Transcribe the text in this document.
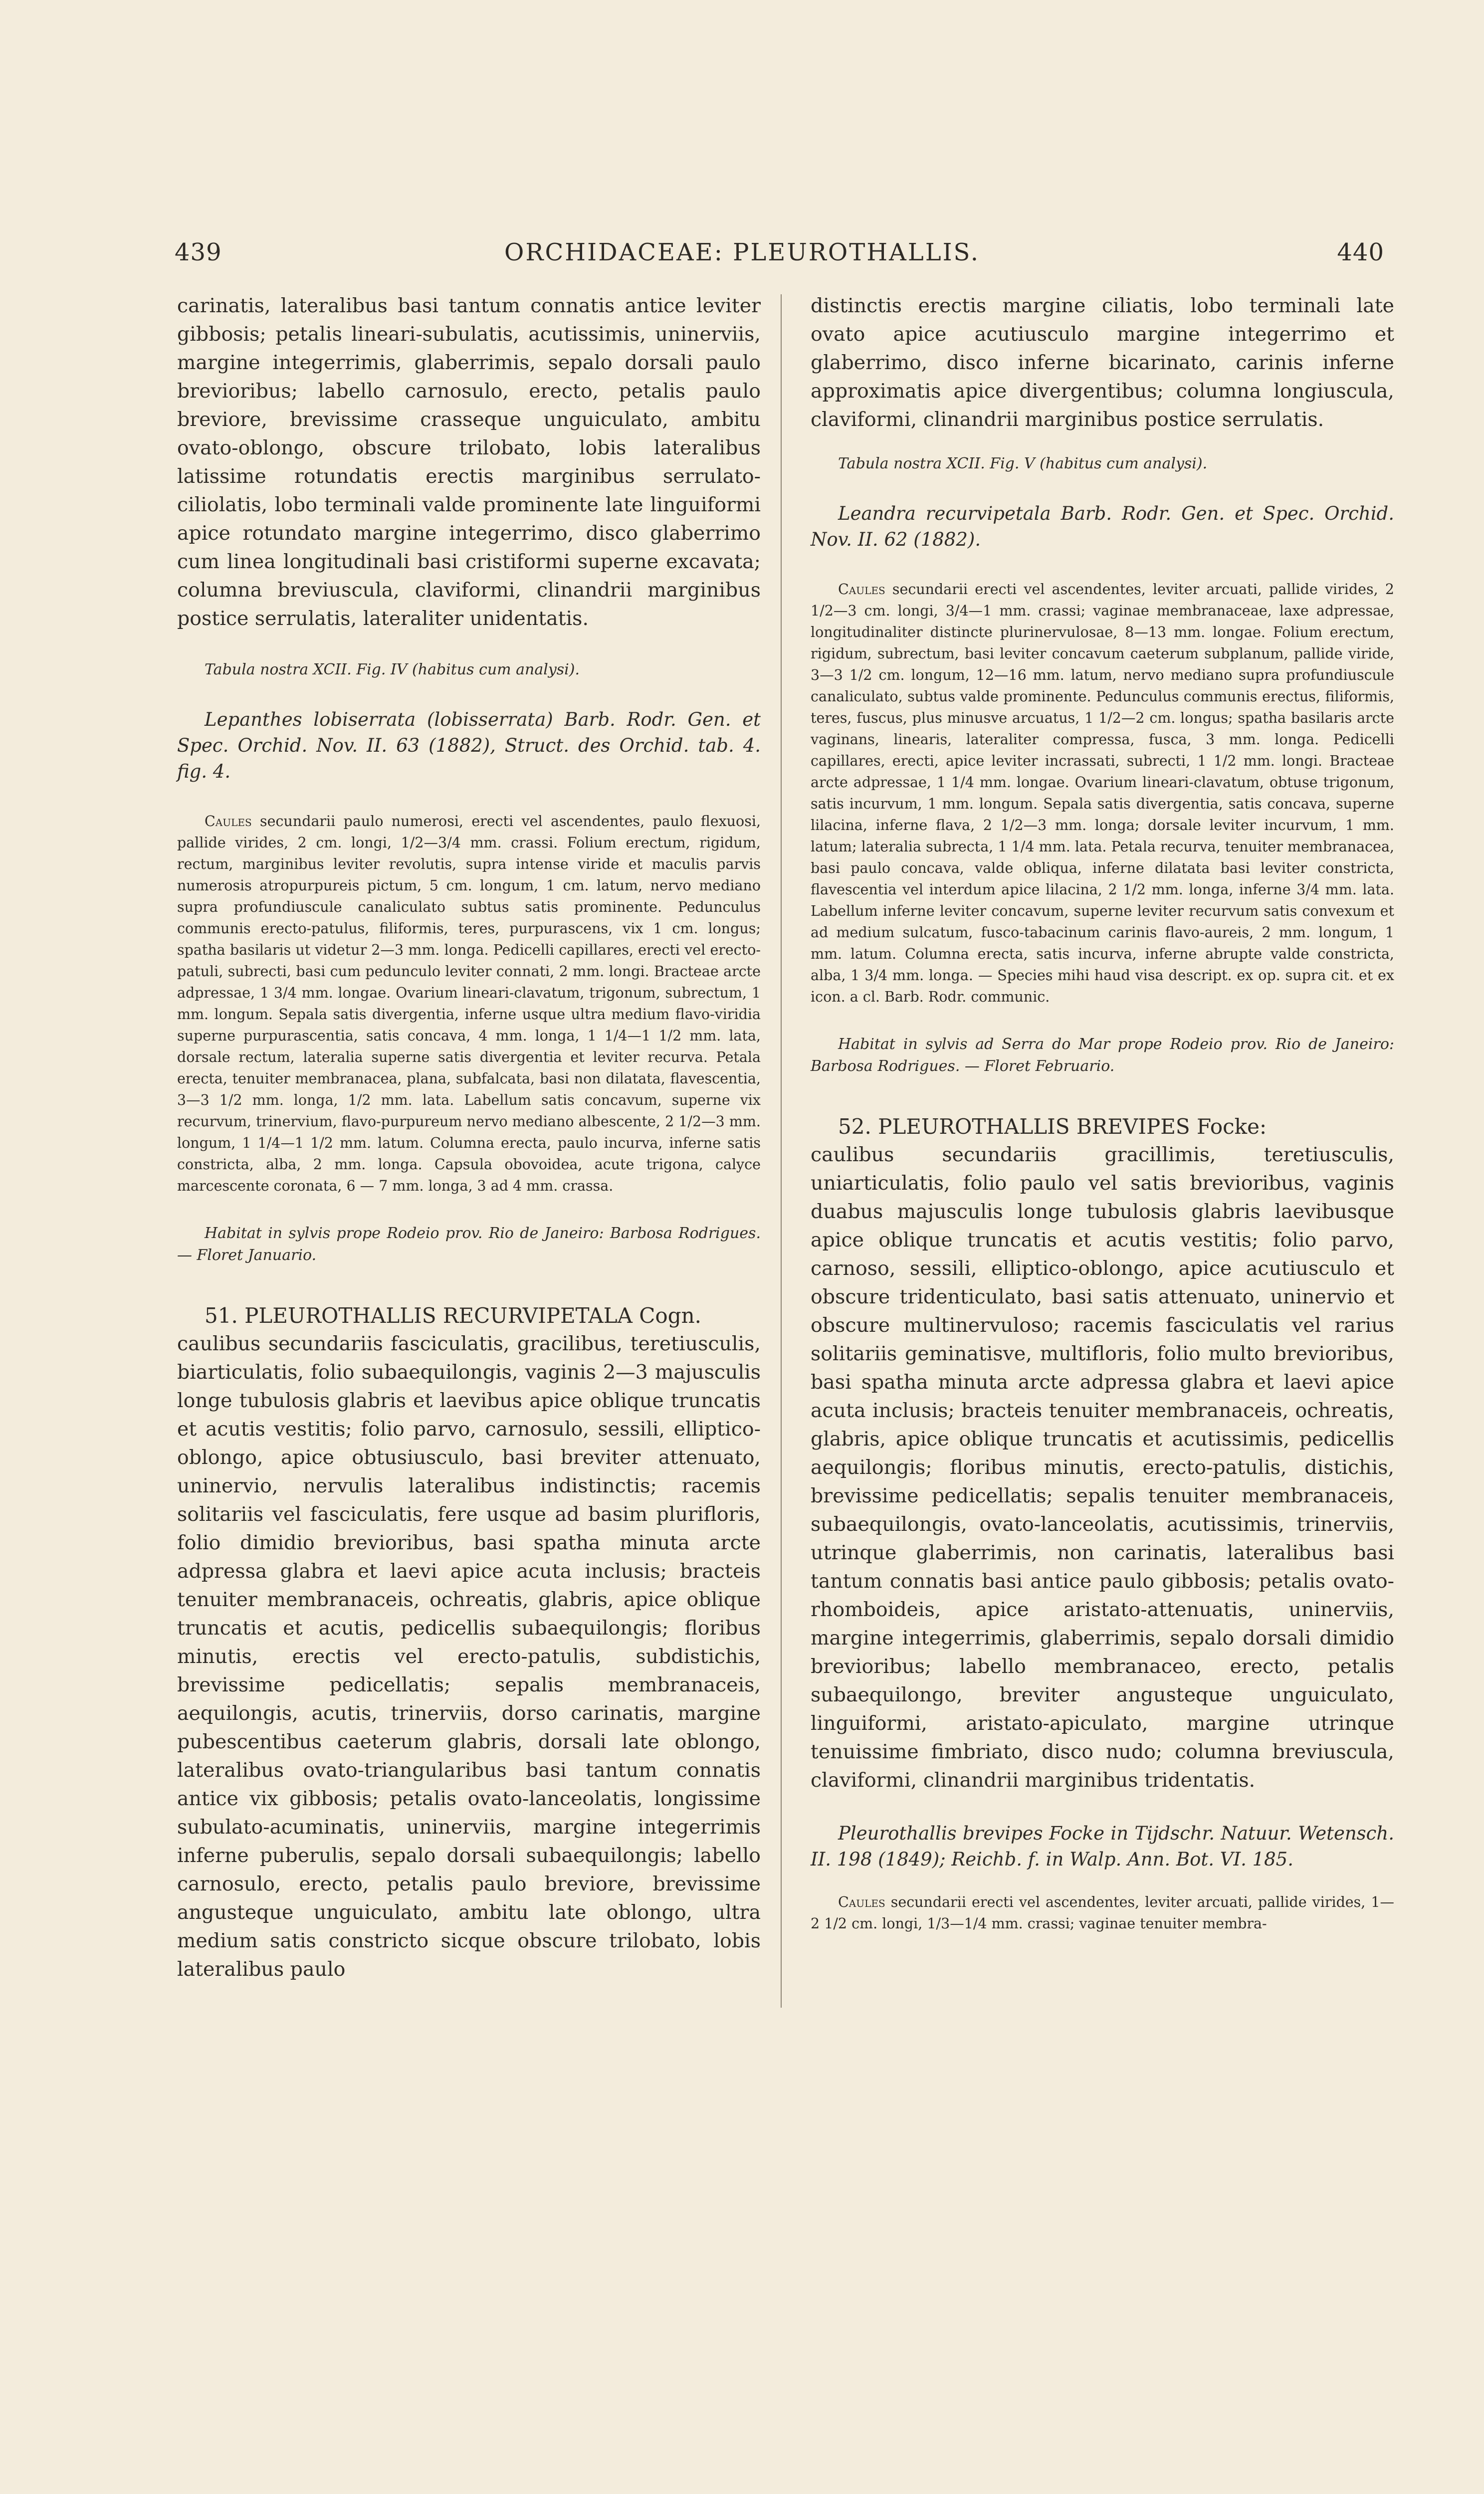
439	ORCHIDACEAE: PLEUROTHALLIS.	440

carinatis, lateralibus basi tantum connatis antice leviter gibbosis; petalis lineari-subulatis, acutissimis, uninerviis, margine integerrimis, glaberrimis, sepalo dorsali paulo brevioribus; labello carnosulo, erecto, petalis paulo breviore, brevissime crasseque unguiculato, ambitu ovato-oblongo, obscure trilobato, lobis lateralibus latissime rotundatis erectis marginibus serrulato-ciliolatis, lobo terminali valde prominente late linguiformi apice rotundato margine integerrimo, disco glaberrimo cum linea longitudinali basi cristiformi superne excavata; columna breviuscula, claviformi, clinandrii marginibus postice serrulatis, lateraliter unidentatis.

Tabula nostra XCII. Fig. IV (habitus cum analysi).

Lepanthes lobiserrata (lobisserrata) Barb. Rodr. Gen. et Spec. Orchid. Nov. II. 63 (1882), Struct. des Orchid. tab. 4. fig. 4.

Caules secundarii paulo numerosi, erecti vel ascendentes, paulo flexuosi, pallide virides, 2 cm. longi, 1/2—3/4 mm. crassi. Folium erectum, rigidum, rectum, marginibus leviter revolutis, supra intense viride et maculis parvis numerosis atropurpureis pictum, 5 cm. longum, 1 cm. latum, nervo mediano supra profundiuscule canaliculato subtus satis prominente. Pedunculus communis erecto-patulus, filiformis, teres, purpurascens, vix 1 cm. longus; spatha basilaris ut videtur 2—3 mm. longa. Pedicelli capillares, erecti vel erecto-patuli, subrecti, basi cum pedunculo leviter connati, 2 mm. longi. Bracteae arcte adpressae, 1 3/4 mm. longae. Ovarium lineari-clavatum, trigonum, subrectum, 1 mm. longum. Sepala satis divergentia, inferne usque ultra medium flavo-viridia superne purpurascentia, satis concava, 4 mm. longa, 1 1/4—1 1/2 mm. lata, dorsale rectum, lateralia superne satis divergentia et leviter recurva. Petala erecta, tenuiter membranacea, plana, subfalcata, basi non dilatata, flavescentia, 3—3 1/2 mm. longa, 1/2 mm. lata. Labellum satis concavum, superne vix recurvum, trinervium, flavo-purpureum nervo mediano albescente, 2 1/2—3 mm. longum, 1 1/4—1 1/2 mm. latum. Columna erecta, paulo incurva, inferne satis constricta, alba, 2 mm. longa. Capsula obovoidea, acute trigona, calyce marcescente coronata, 6 — 7 mm. longa, 3 ad 4 mm. crassa.

Habitat in sylvis prope Rodeio prov. Rio de Janeiro: Barbosa Rodrigues. — Floret Januario.

51. PLEUROTHALLIS RECURVIPETALA Cogn.

caulibus secundariis fasciculatis, gracilibus, teretiusculis, biarticulatis, folio subaequilongis, vaginis 2—3 majusculis longe tubulosis glabris et laevibus apice oblique truncatis et acutis vestitis; folio parvo, carnosulo, sessili, elliptico-oblongo, apice obtusiusculo, basi breviter attenuato, uninervio, nervulis lateralibus indistinctis; racemis solitariis vel fasciculatis, fere usque ad basim plurifloris, folio dimidio brevioribus, basi spatha minuta arcte adpressa glabra et laevi apice acuta inclusis; bracteis tenuiter membranaceis, ochreatis, glabris, apice oblique truncatis et acutis, pedicellis subaequilongis; floribus minutis, erectis vel erecto-patulis, subdistichis, brevissime pedicellatis; sepalis membranaceis, aequilongis, acutis, trinerviis, dorso carinatis, margine pubescentibus caeterum glabris, dorsali late oblongo, lateralibus ovato-triangularibus basi tantum connatis antice vix gibbosis; petalis ovato-lanceolatis, longissime subulato-acuminatis, uninerviis, margine integerrimis inferne puberulis, sepalo dorsali subaequilongis; labello carnosulo, erecto, petalis paulo breviore, brevissime angusteque unguiculato, ambitu late oblongo, ultra medium satis constricto sicque obscure trilobato, lobis lateralibus paulo

distinctis erectis margine ciliatis, lobo terminali late ovato apice acutiusculo margine integerrimo et glaberrimo, disco inferne bicarinato, carinis inferne approximatis apice divergentibus; columna longiuscula, claviformi, clinandrii marginibus postice serrulatis.

Tabula nostra XCII. Fig. V (habitus cum analysi).

Leandra recurvipetala Barb. Rodr. Gen. et Spec. Orchid. Nov. II. 62 (1882).

Caules secundarii erecti vel ascendentes, leviter arcuati, pallide virides, 2 1/2—3 cm. longi, 3/4—1 mm. crassi; vaginae membranaceae, laxe adpressae, longitudinaliter distincte plurinervulosae, 8—13 mm. longae. Folium erectum, rigidum, subrectum, basi leviter concavum caeterum subplanum, pallide viride, 3—3 1/2 cm. longum, 12—16 mm. latum, nervo mediano supra profundiuscule canaliculato, subtus valde prominente. Pedunculus communis erectus, filiformis, teres, fuscus, plus minusve arcuatus, 1 1/2—2 cm. longus; spatha basilaris arcte vaginans, linearis, lateraliter compressa, fusca, 3 mm. longa. Pedicelli capillares, erecti, apice leviter incrassati, subrecti, 1 1/2 mm. longi. Bracteae arcte adpressae, 1 1/4 mm. longae. Ovarium lineari-clavatum, obtuse trigonum, satis incurvum, 1 mm. longum. Sepala satis divergentia, satis concava, superne lilacina, inferne flava, 2 1/2—3 mm. longa; dorsale leviter incurvum, 1 mm. latum; lateralia subrecta, 1 1/4 mm. lata. Petala recurva, tenuiter membranacea, basi paulo concava, valde obliqua, inferne dilatata basi leviter constricta, flavescentia vel interdum apice lilacina, 2 1/2 mm. longa, inferne 3/4 mm. lata. Labellum inferne leviter concavum, superne leviter recurvum satis convexum et ad medium sulcatum, fusco-tabacinum carinis flavo-aureis, 2 mm. longum, 1 mm. latum. Columna erecta, satis incurva, inferne abrupte valde constricta, alba, 1 3/4 mm. longa. — Species mihi haud visa descript. ex op. supra cit. et ex icon. a cl. Barb. Rodr. communic.

Habitat in sylvis ad Serra do Mar prope Rodeio prov. Rio de Janeiro: Barbosa Rodrigues. — Floret Februario.

52. PLEUROTHALLIS BREVIPES Focke:

caulibus secundariis gracillimis, teretiusculis, uniarticulatis, folio paulo vel satis brevioribus, vaginis duabus majusculis longe tubulosis glabris laevibusque apice oblique truncatis et acutis vestitis; folio parvo, carnoso, sessili, elliptico-oblongo, apice acutiusculo et obscure tridenticulato, basi satis attenuato, uninervio et obscure multinervuloso; racemis fasciculatis vel rarius solitariis geminatisve, multifloris, folio multo brevioribus, basi spatha minuta arcte adpressa glabra et laevi apice acuta inclusis; bracteis tenuiter membranaceis, ochreatis, glabris, apice oblique truncatis et acutissimis, pedicellis aequilongis; floribus minutis, erecto-patulis, distichis, brevissime pedicellatis; sepalis tenuiter membranaceis, subaequilongis, ovato-lanceolatis, acutissimis, trinerviis, utrinque glaberrimis, non carinatis, lateralibus basi tantum connatis basi antice paulo gibbosis; petalis ovato-rhomboideis, apice aristato-attenuatis, uninerviis, margine integerrimis, glaberrimis, sepalo dorsali dimidio brevioribus; labello membranaceo, erecto, petalis subaequilongo, breviter angusteque unguiculato, linguiformi, aristato-apiculato, margine utrinque tenuissime fimbriato, disco nudo; columna breviuscula, claviformi, clinandrii marginibus tridentatis.

Pleurothallis brevipes Focke in Tijdschr. Natuur. Wetensch. II. 198 (1849); Reichb. f. in Walp. Ann. Bot. VI. 185.

Caules secundarii erecti vel ascendentes, leviter arcuati, pallide virides, 1—2 1/2 cm. longi, 1/3—1/4 mm. crassi; vaginae tenuiter membra-
